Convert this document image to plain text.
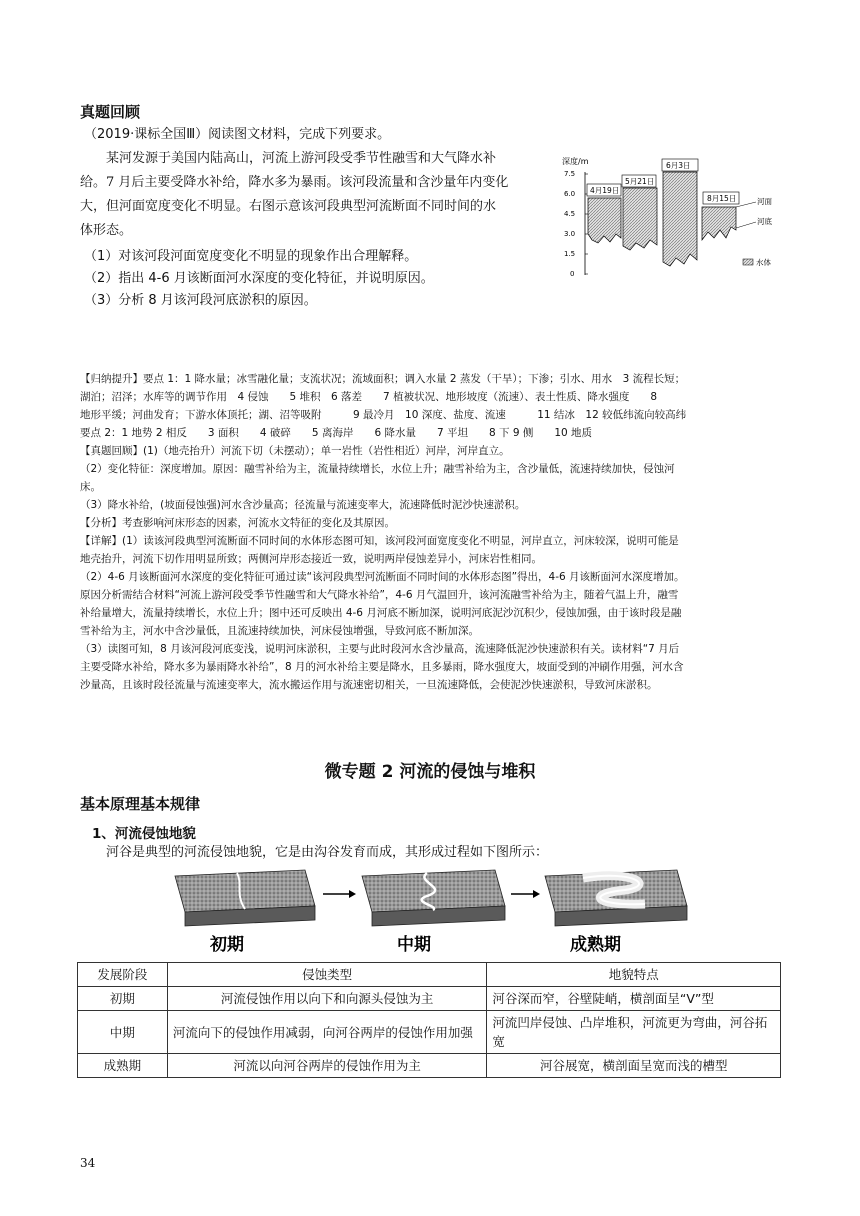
真题回顾
（2019·课标全国Ⅲ）阅读图文材料，完成下列要求。

某河发源于美国内陆高山，河流上游河段受季节性融雪和大气降水补

给。7 月后主要受降水补给，降水多为暴雨。该河段流量和含沙量年内变化

大，但河面宽度变化不明显。右图示意该河段典型河流断面不同时间的水

体形态。

（1）对该河段河面宽度变化不明显的现象作出合理解释。

（2）指出 4-6 月该断面河水深度的变化特征，并说明原因。

（3）分析 8 月该河段河底淤积的原因。

深度/m
7.5
6.0
4.5
3.0
1.5
0
4月19日
5月21日
6月3日
8月15日	河面
河底
水体

【归纳提升】要点 1：1 降水量；冰雪融化量；支流状况；流域面积；调入水量 2 蒸发（干旱）；下渗；引水、用水　3 流程长短；

湖泊；沼泽；水库等的调节作用　4 侵蚀　　5 堆积　6 落差　　7 植被状况、地形坡度（流速）、表土性质、降水强度　　8

地形平缓；河曲发育；下游水体顶托；湖、沼等吸附　　　9 最冷月　10 深度、盐度、流速　　　11 结冰　12 较低纬流向较高纬

要点 2：1 地势 2 相反　　3 面积　　4 破碎　　5 离海岸　　6 降水量　　7 平坦　　8 下 9 侧　　10 地质

【真题回顾】(1)（地壳抬升）河流下切（未摆动）；单一岩性（岩性相近）河岸，河岸直立。

（2）变化特征：深度增加。原因：融雪补给为主，流量持续增长，水位上升；融雪补给为主，含沙量低，流速持续加快，侵蚀河

床。

（3）降水补给，(坡面侵蚀强)河水含沙量高；径流量与流速变率大，流速降低时泥沙快速淤积。

【分析】考查影响河床形态的因素，河流水文特征的变化及其原因。

【详解】(1）读该河段典型河流断面不同时间的水体形态图可知，该河段河面宽度变化不明显，河岸直立，河床较深，说明可能是

地壳抬升，河流下切作用明显所致；两侧河岸形态接近一致，说明两岸侵蚀差异小，河床岩性相同。

（2）4-6 月该断面河水深度的变化特征可通过读“该河段典型河流断面不同时间的水体形态图”得出，4-6 月该断面河水深度增加。

原因分析需结合材料“河流上游河段受季节性融雪和大气降水补给”，4-6 月气温回升，该河流融雪补给为主，随着气温上升，融雪

补给量增大，流量持续增长，水位上升；图中还可反映出 4-6 月河底不断加深，说明河底泥沙沉积少，侵蚀加强，由于该时段是融

雪补给为主，河水中含沙量低，且流速持续加快，河床侵蚀增强，导致河底不断加深。

（3）读图可知，8 月该河段河底变浅，说明河床淤积，主要与此时段河水含沙量高，流速降低泥沙快速淤积有关。读材料“7 月后

主要受降水补给，降水多为暴雨降水补给”，8 月的河水补给主要是降水，且多暴雨，降水强度大，坡面受到的冲刷作用强，河水含

沙量高，且该时段径流量与流速变率大，流水搬运作用与流速密切相关，一旦流速降低，会使泥沙快速淤积，导致河床淤积。

微专题 2 河流的侵蚀与堆积
基本原理基本规律
1、河流侵蚀地貌
河谷是典型的河流侵蚀地貌，它是由沟谷发育而成，其形成过程如下图所示：
初期	中期	成熟期
发展阶段	侵蚀类型	地貌特点
初期	河流侵蚀作用以向下和向源头侵蚀为主	河谷深而窄，谷壁陡峭，横剖面呈“V”型
中期	河流向下的侵蚀作用减弱，向河谷两岸的侵蚀作用加强	河流凹岸侵蚀、凸岸堆积，河流更为弯曲，河谷拓宽
成熟期	河流以向河谷两岸的侵蚀作用为主	河谷展宽，横剖面呈宽而浅的槽型
34
